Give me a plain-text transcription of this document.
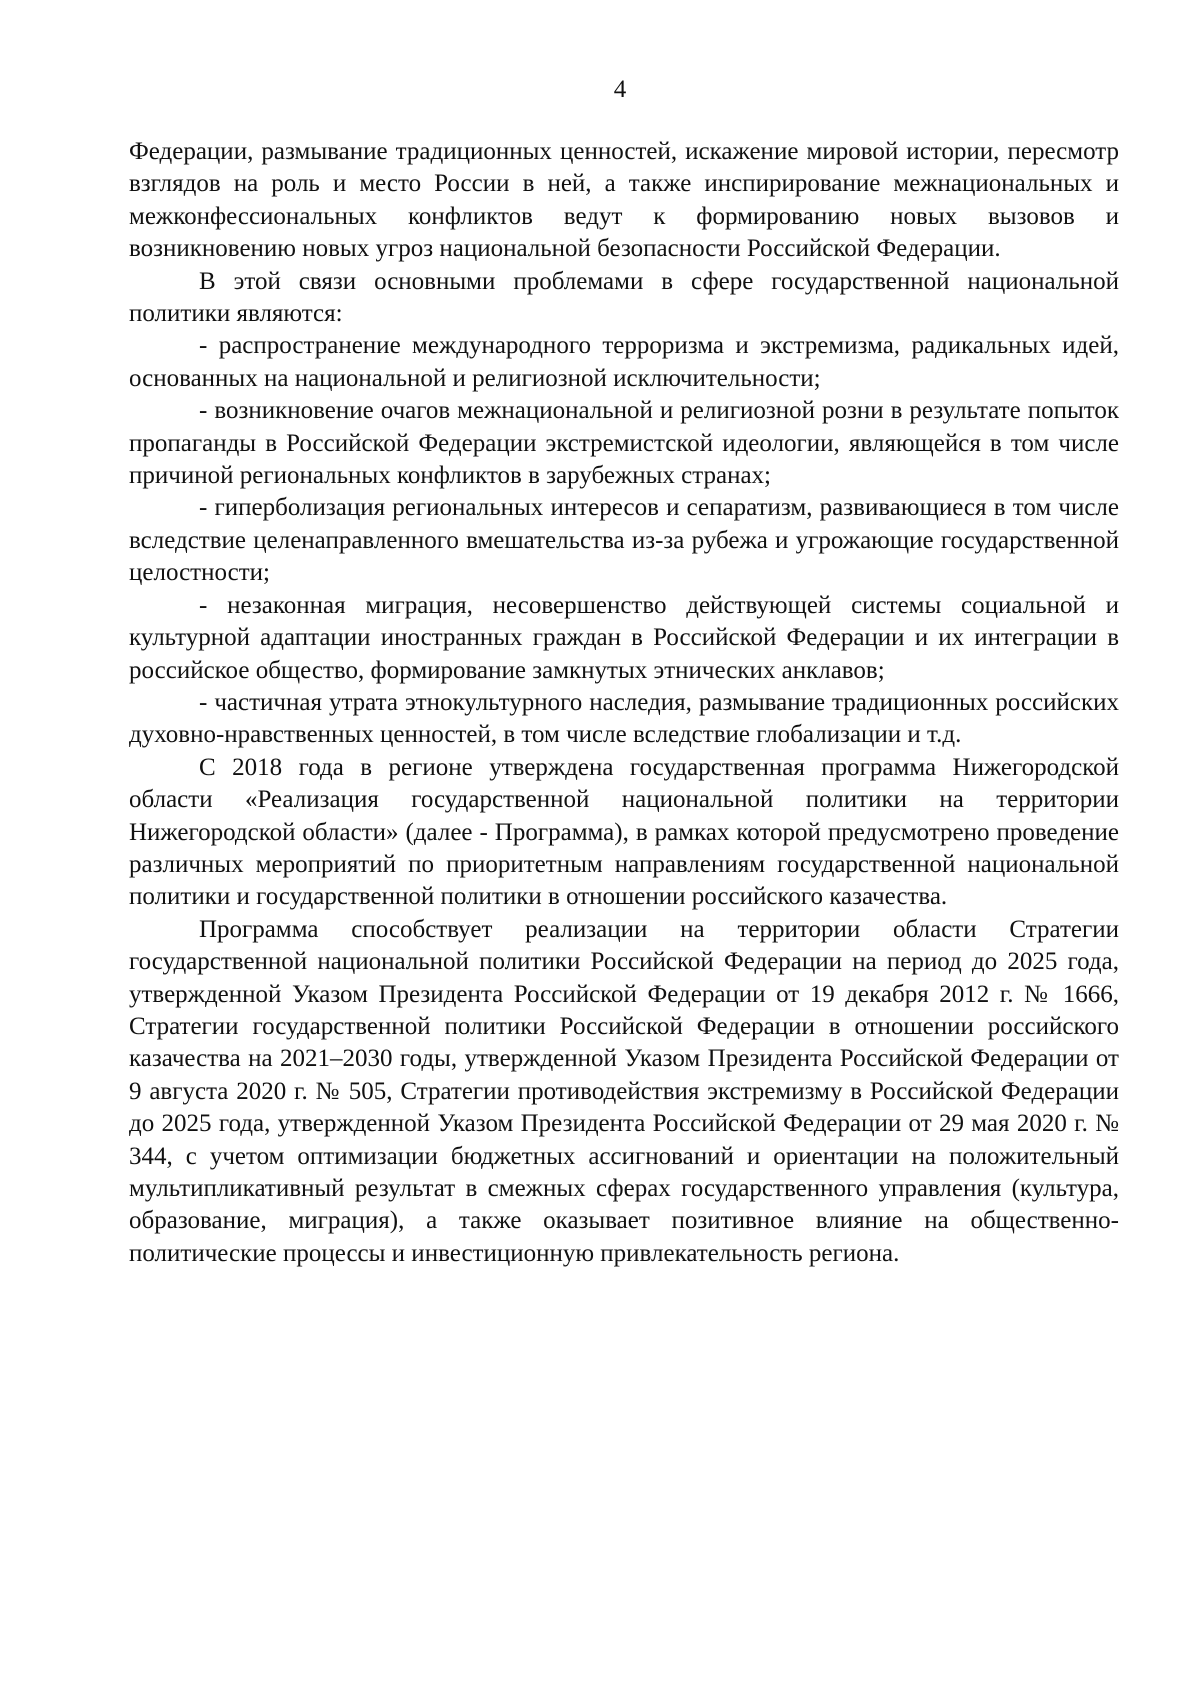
4

Федерации, размывание традиционных ценностей, искажение мировой истории, пересмотр взглядов на роль и место России в ней, а также инспирирование межнациональных и межконфессиональных конфликтов ведут к формированию новых вызовов и возникновению новых угроз национальной безопасности Российской Федерации.

В этой связи основными проблемами в сфере государственной национальной политики являются:

- распространение международного терроризма и экстремизма, радикальных идей, основанных на национальной и религиозной исключительности;

- возникновение очагов межнациональной и религиозной розни в результате попыток пропаганды в Российской Федерации экстремистской идеологии, являющейся в том числе причиной региональных конфликтов в зарубежных странах;

- гиперболизация региональных интересов и сепаратизм, развивающиеся в том числе вследствие целенаправленного вмешательства из-за рубежа и угрожающие государственной целостности;

- незаконная миграция, несовершенство действующей системы социальной и культурной адаптации иностранных граждан в Российской Федерации и их интеграции в российское общество, формирование замкнутых этнических анклавов;

- частичная утрата этнокультурного наследия, размывание традиционных российских духовно-нравственных ценностей, в том числе вследствие глобализации и т.д.

С 2018 года в регионе утверждена государственная программа Нижегородской области «Реализация государственной национальной политики на территории Нижегородской области» (далее - Программа), в рамках которой предусмотрено проведение различных мероприятий по приоритетным направлениям государственной национальной политики и государственной политики в отношении российского казачества.

Программа способствует реализации на территории области Стратегии государственной национальной политики Российской Федерации на период до 2025 года, утвержденной Указом Президента Российской Федерации от 19 декабря 2012 г. № 1666, Стратегии государственной политики Российской Федерации в отношении российского казачества на 2021–2030 годы, утвержденной Указом Президента Российской Федерации от 9 августа 2020 г. № 505, Стратегии противодействия экстремизму в Российской Федерации до 2025 года, утвержденной Указом Президента Российской Федерации от 29 мая 2020 г. № 344, с учетом оптимизации бюджетных ассигнований и ориентации на положительный мультипликативный результат в смежных сферах государственного управления (культура, образование, миграция), а также оказывает позитивное влияние на общественно-политические процессы и инвестиционную привлекательность региона.
